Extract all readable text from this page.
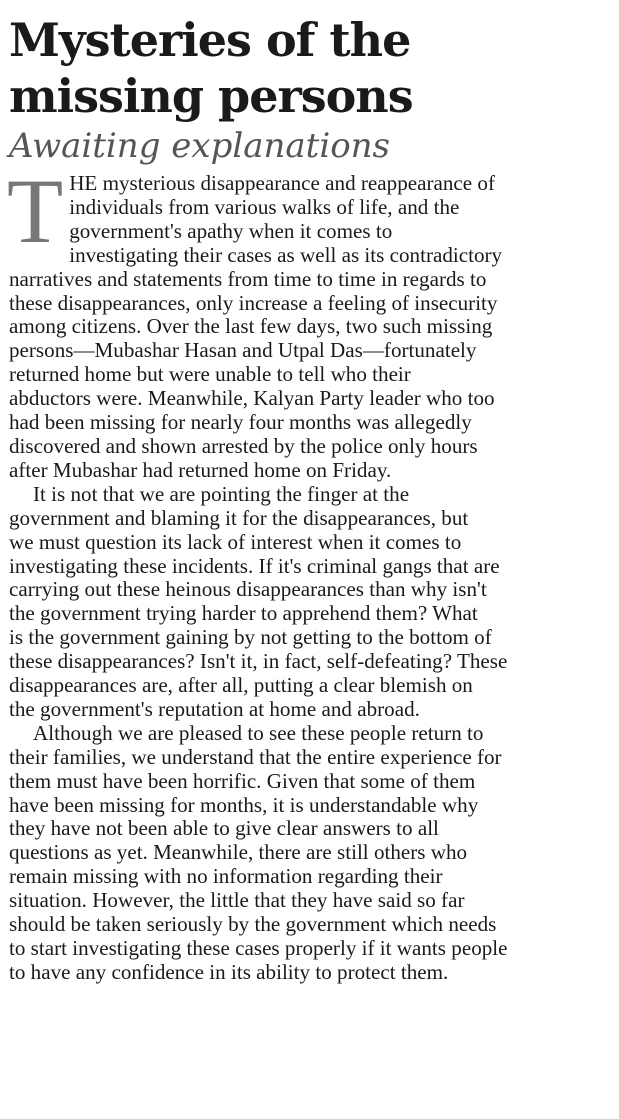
Mysteries of the
missing persons
Awaiting explanations

THE mysterious disappearance and reappearance of
individuals from various walks of life, and the
government's apathy when it comes to
investigating their cases as well as its contradictory
narratives and statements from time to time in regards to
these disappearances, only increase a feeling of insecurity
among citizens. Over the last few days, two such missing
persons—Mubashar Hasan and Utpal Das—fortunately
returned home but were unable to tell who their
abductors were. Meanwhile, Kalyan Party leader who too
had been missing for nearly four months was allegedly
discovered and shown arrested by the police only hours
after Mubashar had returned home on Friday.

It is not that we are pointing the finger at the
government and blaming it for the disappearances, but
we must question its lack of interest when it comes to
investigating these incidents. If it's criminal gangs that are
carrying out these heinous disappearances than why isn't
the government trying harder to apprehend them? What
is the government gaining by not getting to the bottom of
these disappearances? Isn't it, in fact, self-defeating? These
disappearances are, after all, putting a clear blemish on
the government's reputation at home and abroad.

Although we are pleased to see these people return to
their families, we understand that the entire experience for
them must have been horrific. Given that some of them
have been missing for months, it is understandable why
they have not been able to give clear answers to all
questions as yet. Meanwhile, there are still others who
remain missing with no information regarding their
situation. However, the little that they have said so far
should be taken seriously by the government which needs
to start investigating these cases properly if it wants people
to have any confidence in its ability to protect them.
